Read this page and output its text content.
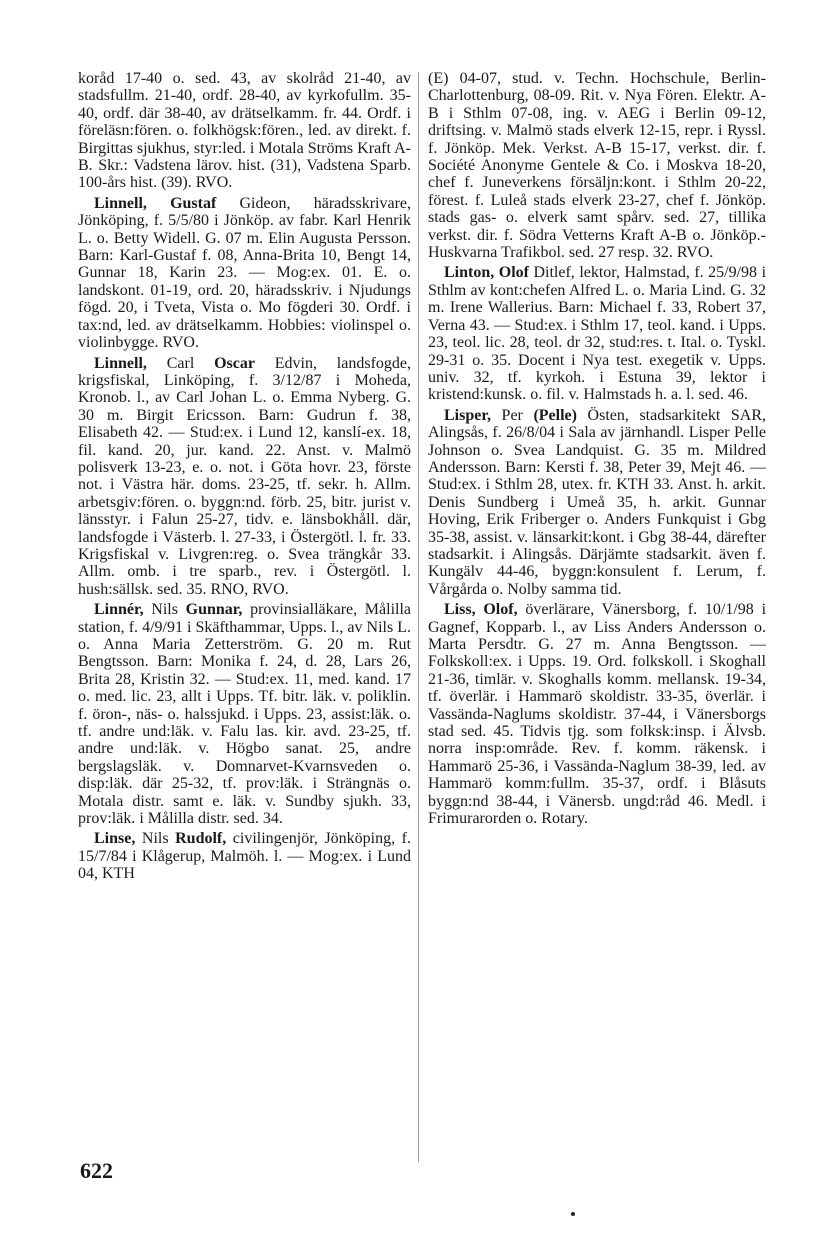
koråd 17-40 o. sed. 43, av skolråd 21-40, av stadsfullm. 21-40, ordf. 28-40, av kyrkofullm. 35-40, ordf. där 38-40, av drätselkamm. fr. 44. Ordf. i föreläsn:fören. o. folkhögsk:fören., led. av direkt. f. Birgittas sjukhus, styr:led. i Motala Ströms Kraft A-B. Skr.: Vadstena lärov. hist. (31), Vadstena Sparb. 100-års hist. (39). RVO.

Linnell, Gustaf Gideon, häradsskrivare, Jönköping, f. 5/5/80 i Jönköp. av fabr. Karl Henrik L. o. Betty Widell. G. 07 m. Elin Augusta Persson. Barn: Karl-Gustaf f. 08, Anna-Brita 10, Bengt 14, Gunnar 18, Karin 23. — Mog:ex. 01. E. o. landskont. 01-19, ord. 20, häradsskriv. i Njudungs fögd. 20, i Tveta, Vista o. Mo fögderi 30. Ordf. i tax:nd, led. av drätselkamm. Hobbies: violinspel o. violinbygge. RVO.

Linnell, Carl Oscar Edvin, landsfogde, krigsfiskal, Linköping, f. 3/12/87 i Moheda, Kronob. l., av Carl Johan L. o. Emma Nyberg. G. 30 m. Birgit Ericsson. Barn: Gudrun f. 38, Elisabeth 42. — Stud:ex. i Lund 12, kanslí-ex. 18, fil. kand. 20, jur. kand. 22. Anst. v. Malmö polisverk 13-23, e. o. not. i Göta hovr. 23, förste not. i Västra här. doms. 23-25, tf. sekr. h. Allm. arbetsgiv:fören. o. byggn:nd. förb. 25, bitr. jurist v. länsstyr. i Falun 25-27, tidv. e. länsbokhåll. där, landsfogde i Västerb. l. 27-33, i Östergötl. l. fr. 33. Krigsfiskal v. Livgren:reg. o. Svea trängkår 33. Allm. omb. i tre sparb., rev. i Östergötl. l. hush:sällsk. sed. 35. RNO, RVO.

Linnér, Nils Gunnar, provinsialläkare, Målilla station, f. 4/9/91 i Skäfthammar, Upps. l., av Nils L. o. Anna Maria Zetterström. G. 20 m. Rut Bengtsson. Barn: Monika f. 24, d. 28, Lars 26, Brita 28, Kristin 32. — Stud:ex. 11, med. kand. 17 o. med. lic. 23, allt i Upps. Tf. bitr. läk. v. poliklin. f. öron-, näs- o. halssjukd. i Upps. 23, assist:läk. o. tf. andre und:läk. v. Falu las. kir. avd. 23-25, tf. andre und:läk. v. Högbo sanat. 25, andre bergslagsläk. v. Domnarvet-Kvarnsveden o. disp:läk. där 25-32, tf. prov:läk. i Strängnäs o. Motala distr. samt e. läk. v. Sundby sjukh. 33, prov:läk. i Målilla distr. sed. 34.

Linse, Nils Rudolf, civilingenjör, Jönköping, f. 15/7/84 i Klågerup, Malmöh. l. — Mog:ex. i Lund 04, KTH

(E) 04-07, stud. v. Techn. Hochschule, Berlin-Charlottenburg, 08-09. Rit. v. Nya Fören. Elektr. A-B i Sthlm 07-08, ing. v. AEG i Berlin 09-12, driftsing. v. Malmö stads elverk 12-15, repr. i Ryssl. f. Jönköp. Mek. Verkst. A-B 15-17, verkst. dir. f. Société Anonyme Gentele & Co. i Moskva 18-20, chef f. Juneverkens försäljn:kont. i Sthlm 20-22, förest. f. Luleå stads elverk 23-27, chef f. Jönköp. stads gas- o. elverk samt spårv. sed. 27, tillika verkst. dir. f. Södra Vetterns Kraft A-B o. Jönköp.-Huskvarna Trafikbol. sed. 27 resp. 32. RVO.

Linton, Olof Ditlef, lektor, Halmstad, f. 25/9/98 i Sthlm av kont:chefen Alfred L. o. Maria Lind. G. 32 m. Irene Wallerius. Barn: Michael f. 33, Robert 37, Verna 43. — Stud:ex. i Sthlm 17, teol. kand. i Upps. 23, teol. lic. 28, teol. dr 32, stud:res. t. Ital. o. Tyskl. 29-31 o. 35. Docent i Nya test. exegetik v. Upps. univ. 32, tf. kyrkoh. i Estuna 39, lektor i kristend:kunsk. o. fil. v. Halmstads h. a. l. sed. 46.

Lisper, Per (Pelle) Östen, stadsarkitekt SAR, Alingsås, f. 26/8/04 i Sala av järnhandl. Lisper Pelle Johnson o. Svea Landquist. G. 35 m. Mildred Andersson. Barn: Kersti f. 38, Peter 39, Mejt 46. — Stud:ex. i Sthlm 28, utex. fr. KTH 33. Anst. h. arkit. Denis Sundberg i Umeå 35, h. arkit. Gunnar Hoving, Erik Friberger o. Anders Funkquist i Gbg 35-38, assist. v. länsarkit:kont. i Gbg 38-44, därefter stadsarkit. i Alingsås. Därjämte stadsarkit. även f. Kungälv 44-46, byggn:konsulent f. Lerum, f. Vårgårda o. Nolby samma tid.

Liss, Olof, överlärare, Vänersborg, f. 10/1/98 i Gagnef, Kopparb. l., av Liss Anders Andersson o. Marta Persdtr. G. 27 m. Anna Bengtsson. — Folkskoll:ex. i Upps. 19. Ord. folkskoll. i Skoghall 21-36, timlär. v. Skoghalls komm. mellansk. 19-34, tf. överlär. i Hammarö skoldistr. 33-35, överlär. i Vassända-Naglums skoldistr. 37-44, i Vänersborgs stad sed. 45. Tidvis tjg. som folksk:insp. i Älvsb. norra insp:område. Rev. f. komm. räkensk. i Hammarö 25-36, i Vassända-Naglum 38-39, led. av Hammarö komm:fullm. 35-37, ordf. i Blåsuts byggn:nd 38-44, i Vänersb. ungd:råd 46. Medl. i Frimurarorden o. Rotary.

622
